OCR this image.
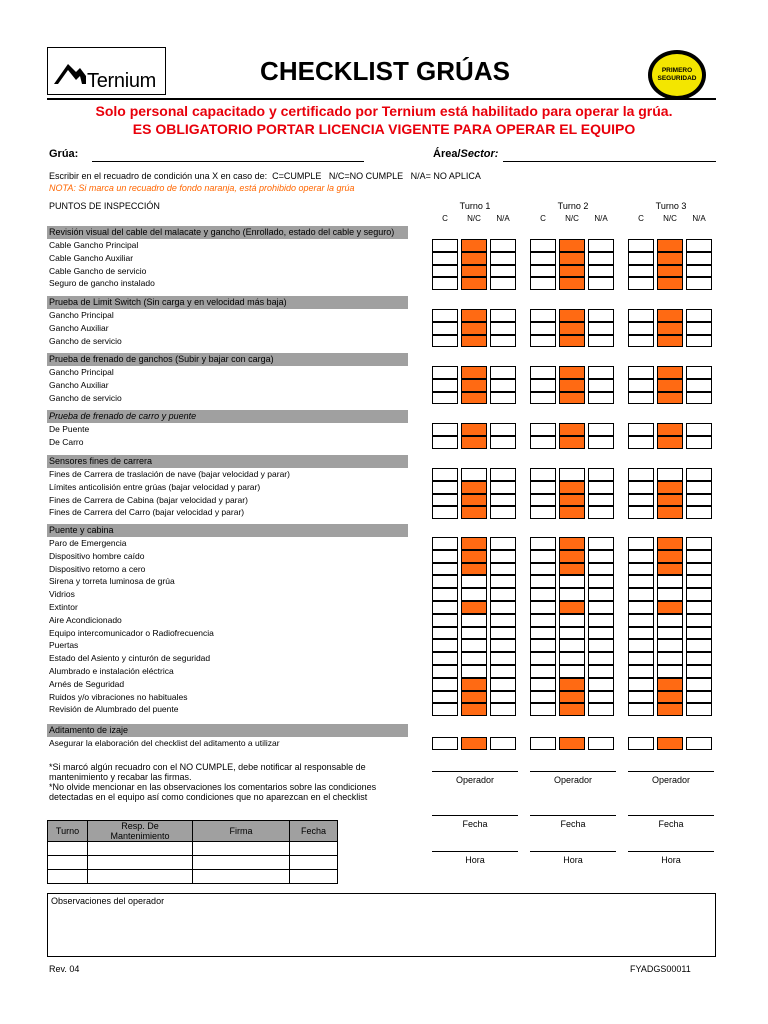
Ternium	CHECKLIST GRÚAS	PRIMERO
SEGURIDAD
Solo personal capacitado y certificado por Ternium está habilitado para operar la grúa.
ES OBLIGATORIO PORTAR LICENCIA VIGENTE PARA OPERAR EL EQUIPO
Grúa:	Área/Sector:
Escribir en el recuadro de condición una X en caso de:  C=CUMPLE   N/C=NO CUMPLE   N/A= NO APLICA
NOTA: Si marca un recuadro de fondo naranja, está prohibido operar la grúa
PUNTOS DE INSPECCIÓN	Turno 1
C	N/C	N/A
Turno 2
C	N/C	N/A
Turno 3
C	N/C	N/A
Revisión visual del cable del malacate y gancho (Enrollado, estado del cable y seguro)
Cable Gancho Principal
Cable Gancho Auxiliar
Cable Gancho de servicio
Seguro de gancho instalado
Prueba de Limit Switch (Sin carga y en velocidad más baja)
Gancho Principal
Gancho Auxiliar
Gancho de servicio
Prueba de frenado de ganchos (Subir y bajar con carga)
Gancho Principal
Gancho Auxiliar
Gancho de servicio
Prueba de frenado de carro y puente
De Puente
De Carro
Sensores fines de carrera
Fines de Carrera de traslación de nave (bajar velocidad y parar)
Límites anticolisión entre grúas (bajar velocidad y parar)
Fines de Carrera de Cabina (bajar velocidad y parar)
Fines de Carrera del Carro (bajar velocidad y parar)
Puente y cabina
Paro de Emergencia
Dispositivo hombre caído
Dispositivo retorno a cero
Sirena y torreta luminosa de grúa
Vidrios
Extintor
Aire Acondicionado
Equipo intercomunicador o Radiofrecuencia
Puertas
Estado del Asiento y cinturón de seguridad
Alumbrado e instalación eléctrica
Arnés de Seguridad
Ruidos y/o vibraciones no habituales
Revisión de Alumbrado del puente
Aditamento de izaje
Asegurar la elaboración del checklist del aditamento a utilizar
*Si marcó algún recuadro con el NO CUMPLE, debe notificar al responsable de
mantenimiento y recabar las firmas.
*No olvide mencionar en las observaciones los comentarios sobre las condiciones
detectadas en el equipo así como condiciones que no aparezcan en el checklist
Operador	Operador	Operador
Fecha	Fecha	Fecha
Hora	Hora	Hora
Turno	Resp. De
Mantenimiento	Firma	Fecha

Observaciones del operador
Rev. 04	FYADGS00011
